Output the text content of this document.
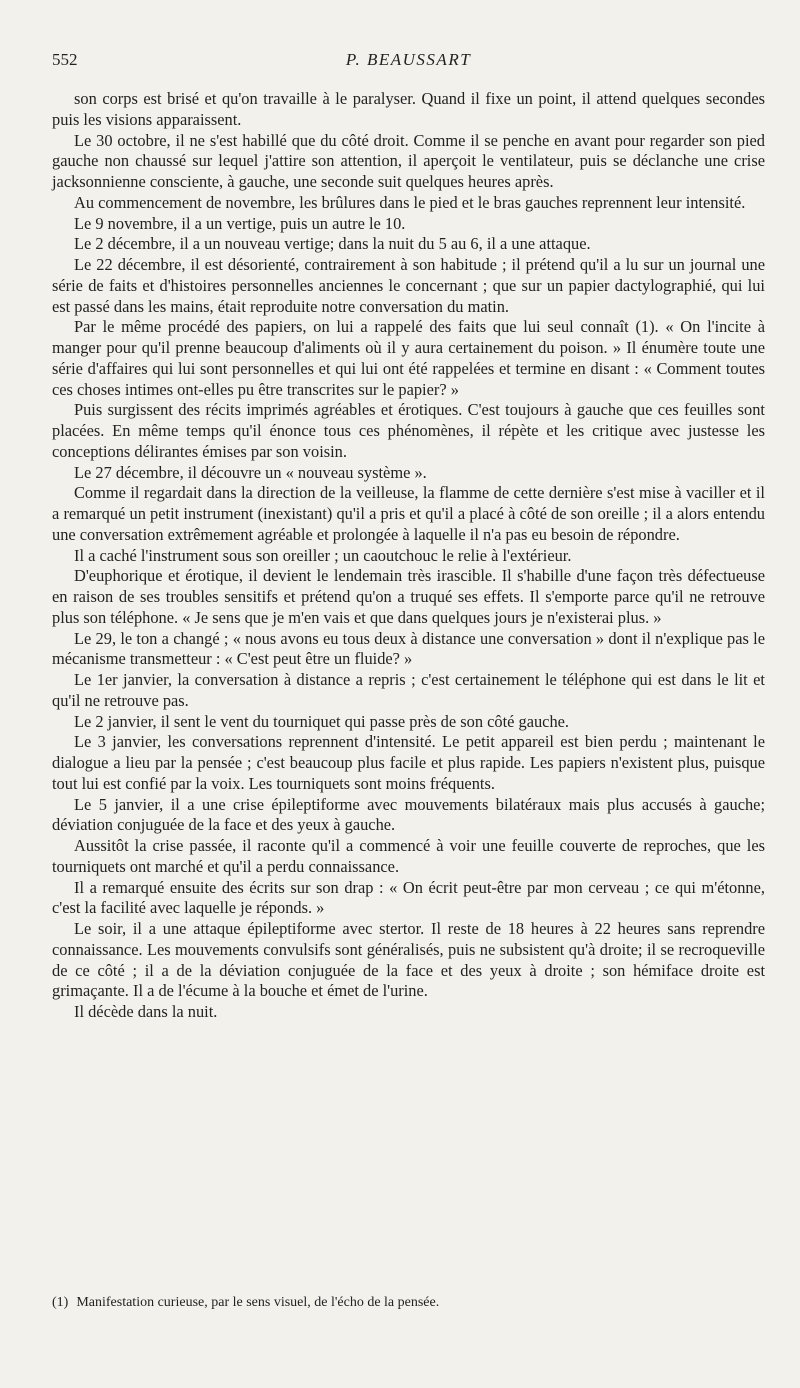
552	P. BEAUSSART

son corps est brisé et qu'on travaille à le paralyser. Quand il fixe un point, il attend quelques secondes puis les visions apparaissent.

Le 30 octobre, il ne s'est habillé que du côté droit. Comme il se penche en avant pour regarder son pied gauche non chaussé sur lequel j'attire son attention, il aperçoit le ventilateur, puis se déclanche une crise jacksonnienne consciente, à gauche, une seconde suit quelques heures après.

Au commencement de novembre, les brûlures dans le pied et le bras gauches reprennent leur intensité.

Le 9 novembre, il a un vertige, puis un autre le 10.

Le 2 décembre, il a un nouveau vertige; dans la nuit du 5 au 6, il a une attaque.

Le 22 décembre, il est désorienté, contrairement à son habitude ; il prétend qu'il a lu sur un journal une série de faits et d'histoires personnelles anciennes le concernant ; que sur un papier dactylographié, qui lui est passé dans les mains, était reproduite notre conversation du matin.

Par le même procédé des papiers, on lui a rappelé des faits que lui seul connaît (1). « On l'incite à manger pour qu'il prenne beaucoup d'aliments où il y aura certainement du poison. » Il énumère toute une série d'affaires qui lui sont personnelles et qui lui ont été rappelées et termine en disant : « Comment toutes ces choses intimes ont-elles pu être transcrites sur le papier? »

Puis surgissent des récits imprimés agréables et érotiques. C'est toujours à gauche que ces feuilles sont placées. En même temps qu'il énonce tous ces phénomènes, il répète et les critique avec justesse les conceptions délirantes émises par son voisin.

Le 27 décembre, il découvre un « nouveau système ».

Comme il regardait dans la direction de la veilleuse, la flamme de cette dernière s'est mise à vaciller et il a remarqué un petit instrument (inexistant) qu'il a pris et qu'il a placé à côté de son oreille ; il a alors entendu une conversation extrêmement agréable et prolongée à laquelle il n'a pas eu besoin de répondre.

Il a caché l'instrument sous son oreiller ; un caoutchouc le relie à l'extérieur.

D'euphorique et érotique, il devient le lendemain très irascible. Il s'habille d'une façon très défectueuse en raison de ses troubles sensitifs et prétend qu'on a truqué ses effets. Il s'emporte parce qu'il ne retrouve plus son téléphone. « Je sens que je m'en vais et que dans quelques jours je n'existerai plus. »

Le 29, le ton a changé ; « nous avons eu tous deux à distance une conversation » dont il n'explique pas le mécanisme transmetteur : « C'est peut être un fluide? »

Le 1er janvier, la conversation à distance a repris ; c'est certainement le téléphone qui est dans le lit et qu'il ne retrouve pas.

Le 2 janvier, il sent le vent du tourniquet qui passe près de son côté gauche.

Le 3 janvier, les conversations reprennent d'intensité. Le petit appareil est bien perdu ; maintenant le dialogue a lieu par la pensée ; c'est beaucoup plus facile et plus rapide. Les papiers n'existent plus, puisque tout lui est confié par la voix. Les tourniquets sont moins fréquents.

Le 5 janvier, il a une crise épileptiforme avec mouvements bilatéraux mais plus accusés à gauche; déviation conjuguée de la face et des yeux à gauche.

Aussitôt la crise passée, il raconte qu'il a commencé à voir une feuille couverte de reproches, que les tourniquets ont marché et qu'il a perdu connaissance.

Il a remarqué ensuite des écrits sur son drap : « On écrit peut-être par mon cerveau ; ce qui m'étonne, c'est la facilité avec laquelle je réponds. »

Le soir, il a une attaque épileptiforme avec stertor. Il reste de 18 heures à 22 heures sans reprendre connaissance. Les mouvements convulsifs sont généralisés, puis ne subsistent qu'à droite; il se recroqueville de ce côté ; il a de la déviation conjuguée de la face et des yeux à droite ; son hémiface droite est grimaçante. Il a de l'écume à la bouche et émet de l'urine.

Il décède dans la nuit.

(1) Manifestation curieuse, par le sens visuel, de l'écho de la pensée.
